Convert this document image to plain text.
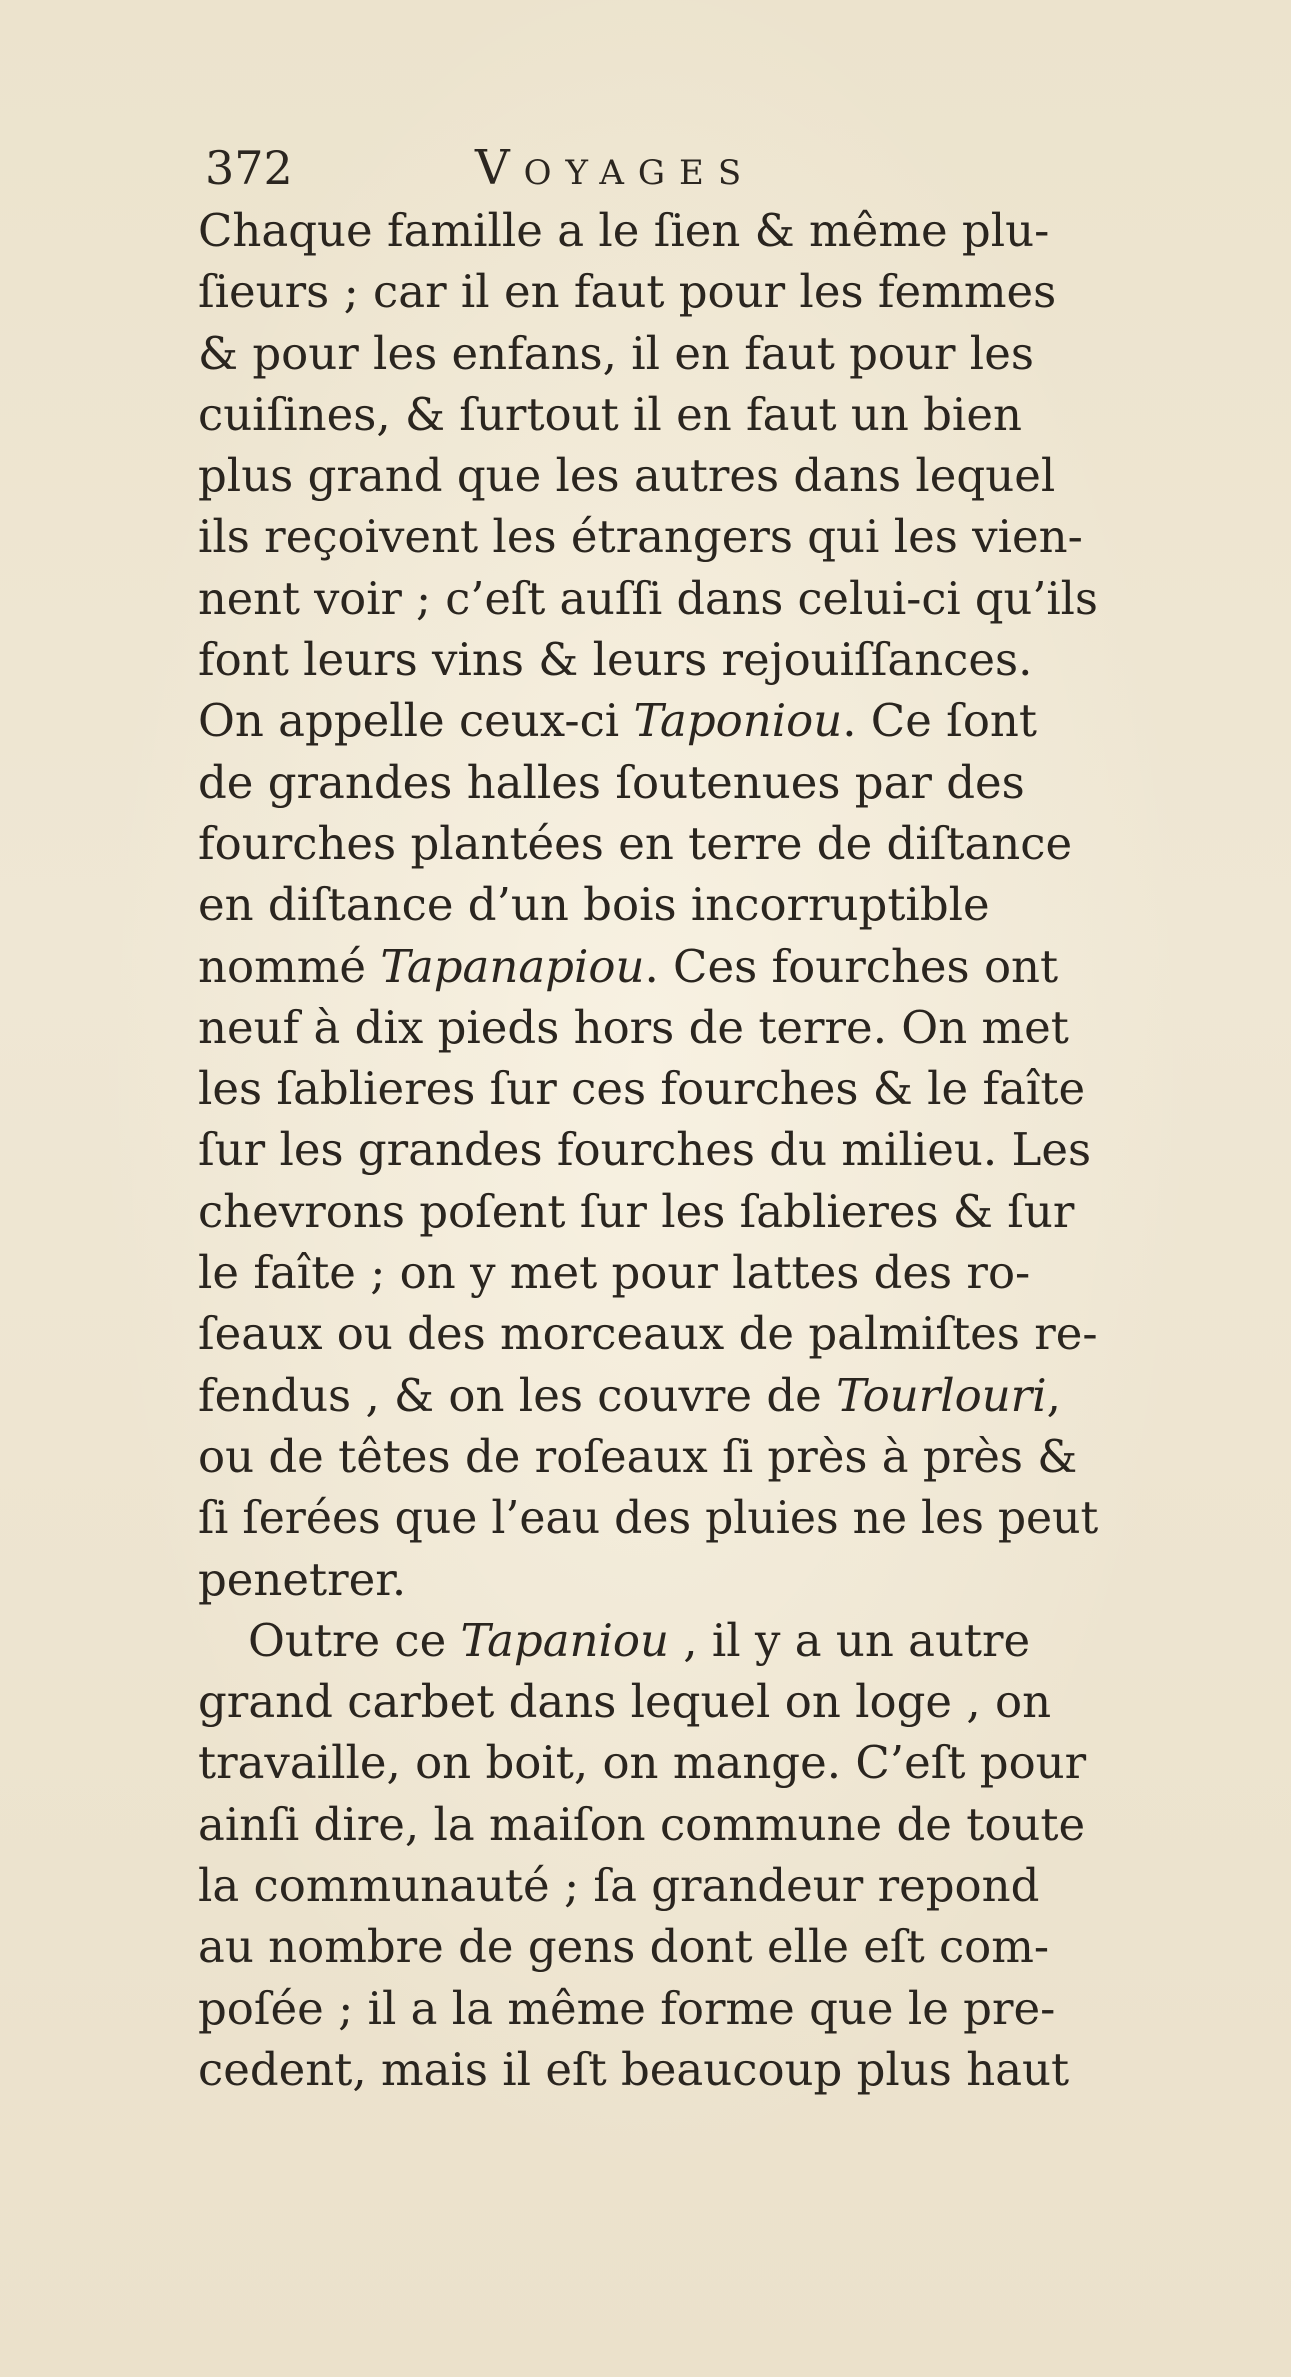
372	Voyages
Chaque famille a le ſien & même plu-
ſieurs ; car il en faut pour les femmes
& pour les enfans, il en faut pour les
cuiſines, & ſurtout il en faut un bien
plus grand que les autres dans lequel
ils reçoivent les étrangers qui les vien-
nent voir ; c’eſt auſſi dans celui-ci qu’ils
font leurs vins & leurs rejouiſſances.
On appelle ceux-ci Taponiou. Ce ſont
de grandes halles ſoutenues par des
fourches plantées en terre de diſtance
en diſtance d’un bois incorruptible
nommé Tapanapiou. Ces fourches ont
neuf à dix pieds hors de terre. On met
les ſablieres ſur ces fourches & le faîte
ſur les grandes fourches du milieu. Les
chevrons poſent ſur les ſablieres & ſur
le faîte ; on y met pour lattes des ro-
ſeaux ou des morceaux de palmiſtes re-
fendus , & on les couvre de Tourlouri,
ou de têtes de roſeaux ſi près à près &
ſi ſerées que l’eau des pluies ne les peut
penetrer.
Outre ce Tapaniou , il y a un autre
grand carbet dans lequel on loge , on
travaille, on boit, on mange. C’eſt pour
ainſi dire, la maiſon commune de toute
la communauté ; ſa grandeur repond
au nombre de gens dont elle eſt com-
poſée ; il a la même forme que le pre-
cedent, mais il eſt beaucoup plus haut
